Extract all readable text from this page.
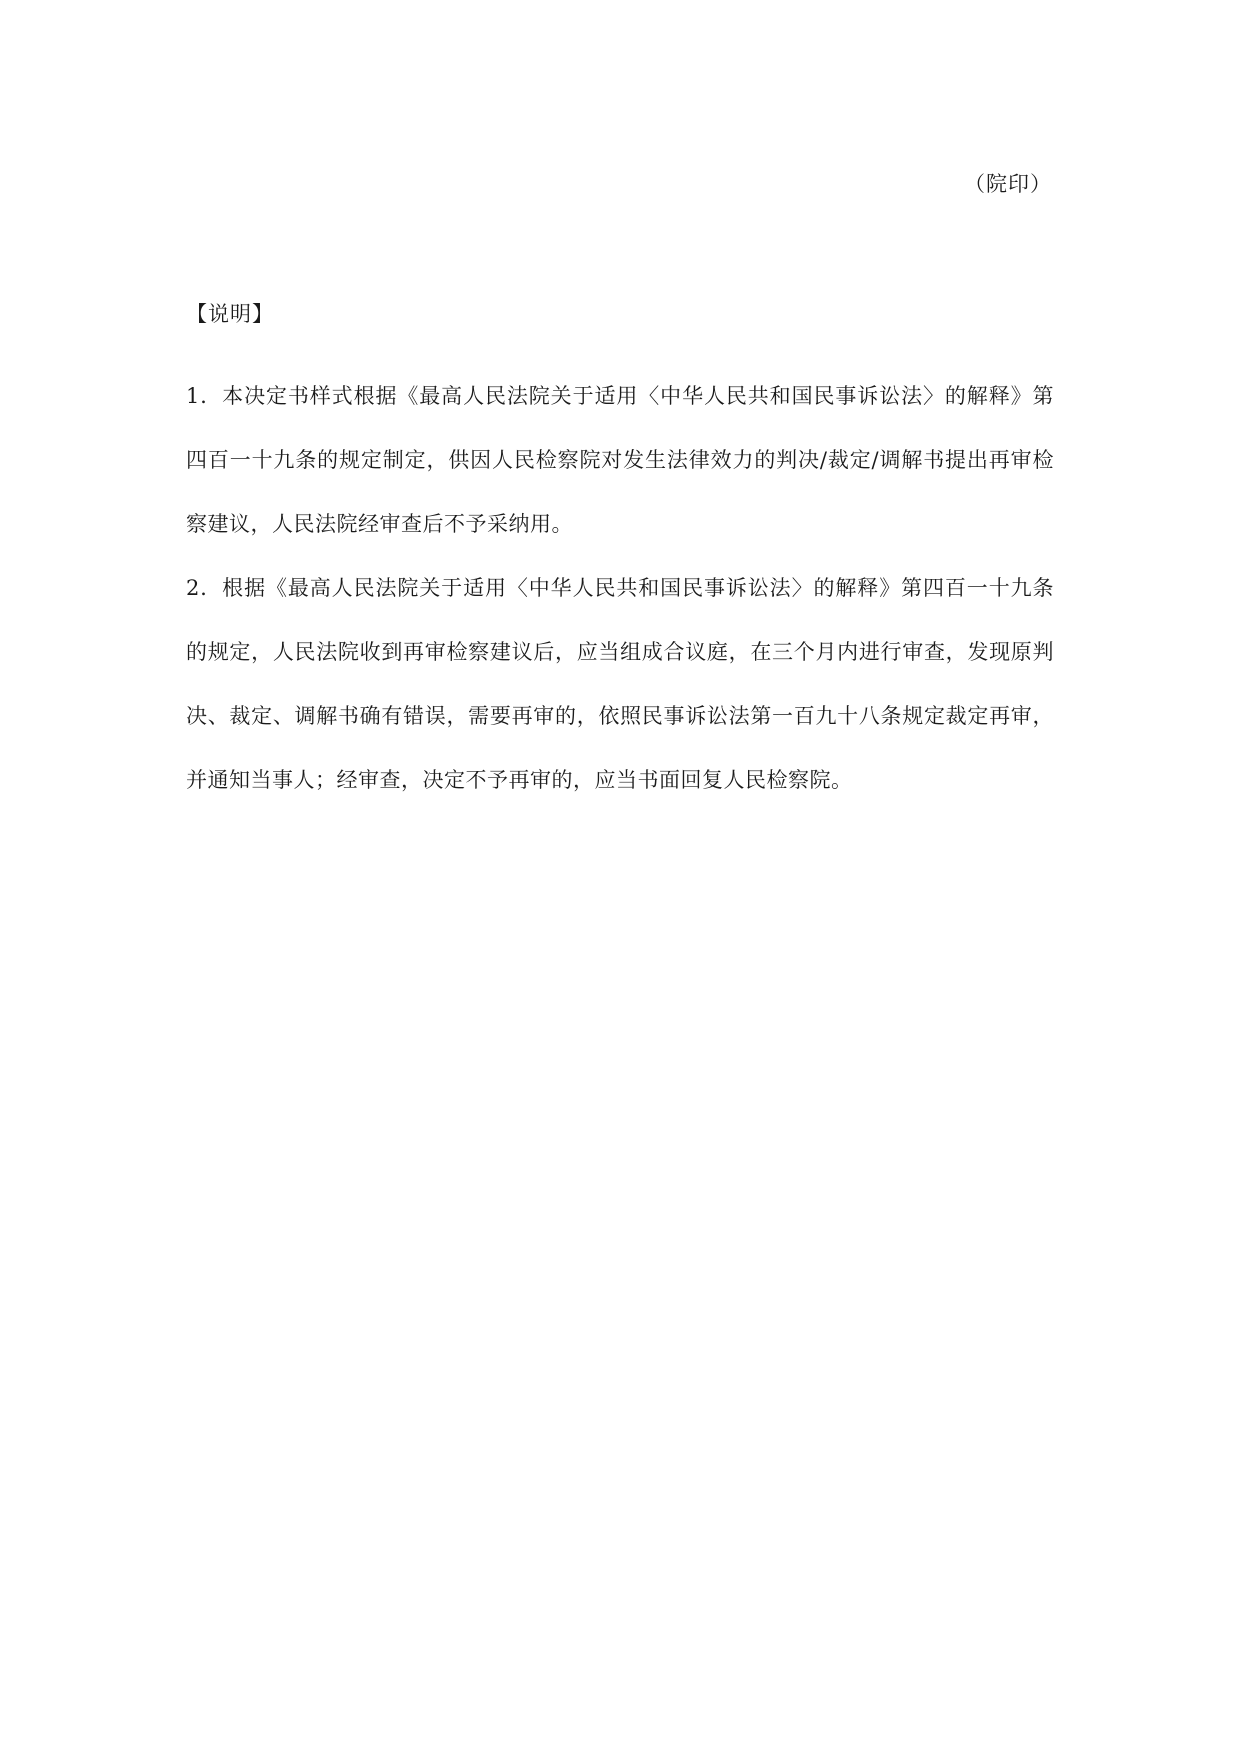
（院印）
【说明】

1．本决定书样式根据《最高人民法院关于适用〈中华人民共和国民事诉讼法〉的解释》第四百一十九条的规定制定，供因人民检察院对发生法律效力的判决/裁定/调解书提出再审检察建议，人民法院经审查后不予采纳用。

2．根据《最高人民法院关于适用〈中华人民共和国民事诉讼法〉的解释》第四百一十九条的规定，人民法院收到再审检察建议后，应当组成合议庭，在三个月内进行审查，发现原判决、裁定、调解书确有错误，需要再审的，依照民事诉讼法第一百九十八条规定裁定再审，并通知当事人；经审查，决定不予再审的，应当书面回复人民检察院。
